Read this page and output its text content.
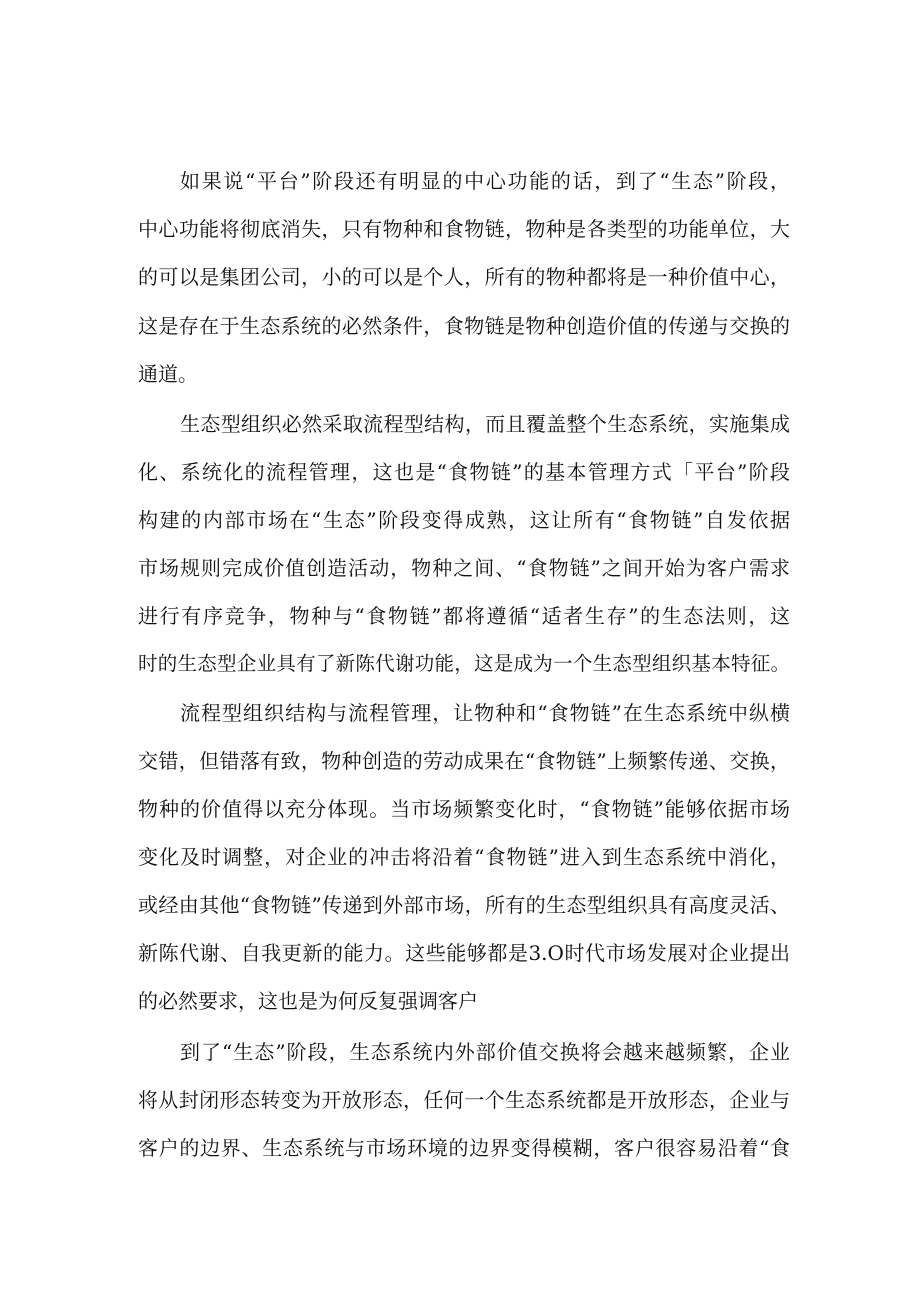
如果说“平台”阶段还有明显的中心功能的话，到了“生态”阶段，
中心功能将彻底消失，只有物种和食物链，物种是各类型的功能单位，大
的可以是集团公司，小的可以是个人，所有的物种都将是一种价值中心，
这是存在于生态系统的必然条件，食物链是物种创造价值的传递与交换的
通道。
生态型组织必然采取流程型结构，而且覆盖整个生态系统，实施集成
化、系统化的流程管理，这也是“食物链”的基本管理方式「平台”阶段
构建的内部市场在“生态”阶段变得成熟，这让所有“食物链”自发依据
市场规则完成价值创造活动，物种之间、“食物链”之间开始为客户需求
进行有序竞争，物种与“食物链”都将遵循“适者生存”的生态法则，这
时的生态型企业具有了新陈代谢功能，这是成为一个生态型组织基本特征。
流程型组织结构与流程管理，让物种和“食物链”在生态系统中纵横
交错，但错落有致，物种创造的劳动成果在“食物链”上频繁传递、交换，
物种的价值得以充分体现。当市场频繁变化时，“食物链”能够依据市场
变化及时调整，对企业的冲击将沿着“食物链”进入到生态系统中消化，
或经由其他“食物链”传递到外部市场，所有的生态型组织具有高度灵活、
新陈代谢、自我更新的能力。这些能够都是3.O时代市场发展对企业提出
的必然要求，这也是为何反复强调客户
到了“生态”阶段，生态系统内外部价值交换将会越来越频繁，企业
将从封闭形态转变为开放形态，任何一个生态系统都是开放形态，企业与
客户的边界、生态系统与市场环境的边界变得模糊，客户很容易沿着“食
